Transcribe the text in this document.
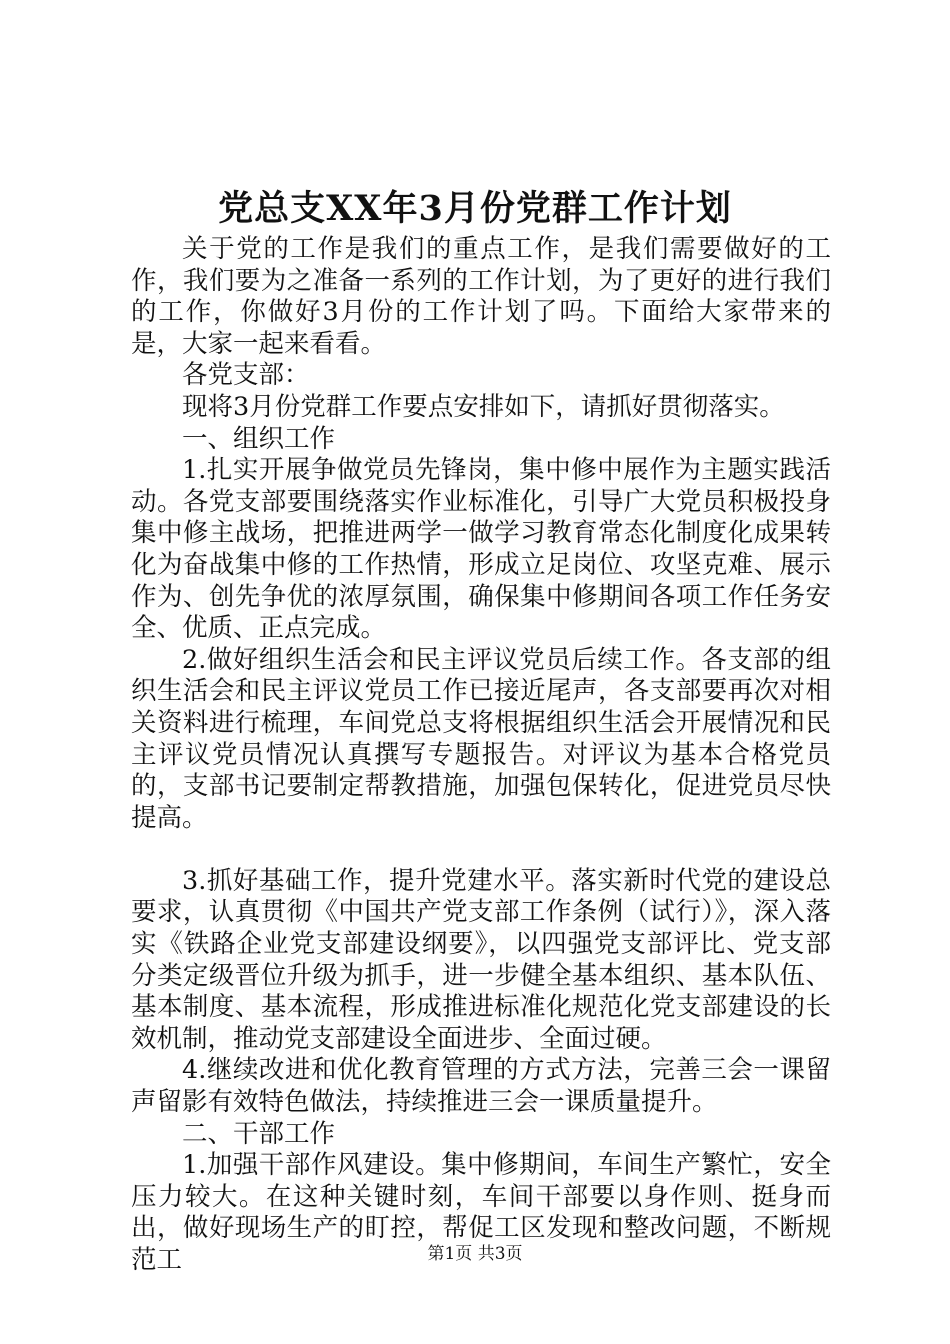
党总支XX年3月份党群工作计划

关于党的工作是我们的重点工作，是我们需要做好的工作，我们要为之准备一系列的工作计划，为了更好的进行我们的工作，你做好3月份的工作计划了吗。下面给大家带来的是，大家一起来看看。

各党支部：

现将3月份党群工作要点安排如下，请抓好贯彻落实。

一、组织工作

1.扎实开展争做党员先锋岗，集中修中展作为主题实践活动。各党支部要围绕落实作业标准化，引导广大党员积极投身集中修主战场，把推进两学一做学习教育常态化制度化成果转化为奋战集中修的工作热情，形成立足岗位、攻坚克难、展示作为、创先争优的浓厚氛围，确保集中修期间各项工作任务安全、优质、正点完成。

2.做好组织生活会和民主评议党员后续工作。各支部的组织生活会和民主评议党员工作已接近尾声，各支部要再次对相关资料进行梳理，车间党总支将根据组织生活会开展情况和民主评议党员情况认真撰写专题报告。对评议为基本合格党员的，支部书记要制定帮教措施，加强包保转化，促进党员尽快提高。

3.抓好基础工作，提升党建水平。落实新时代党的建设总要求，认真贯彻《中国共产党支部工作条例（试行）》，深入落实《铁路企业党支部建设纲要》，以四强党支部评比、党支部分类定级晋位升级为抓手，进一步健全基本组织、基本队伍、基本制度、基本流程，形成推进标准化规范化党支部建设的长效机制，推动党支部建设全面进步、全面过硬。

4.继续改进和优化教育管理的方式方法，完善三会一课留声留影有效特色做法，持续推进三会一课质量提升。

二、干部工作

1.加强干部作风建设。集中修期间，车间生产繁忙，安全压力较大。在这种关键时刻，车间干部要以身作则、挺身而出，做好现场生产的盯控，帮促工区发现和整改问题，不断规范工	第1页 共3页
